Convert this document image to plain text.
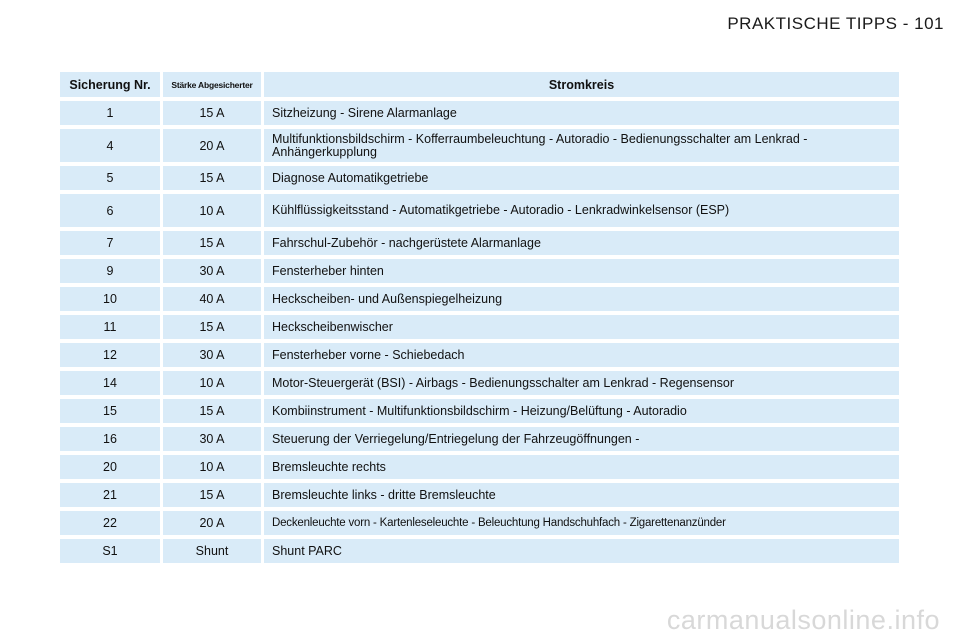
PRAKTISCHE TIPPS - 101
Sicherung Nr.	Stärke Abgesicherter	Stromkreis
1	15 A	Sitzheizung - Sirene Alarmanlage
4	20 A	Multifunktionsbildschirm - Kofferraumbeleuchtung - Autoradio - Bedienungsschalter am Lenkrad - Anhängerkupplung
5	15 A	Diagnose Automatikgetriebe
6	10 A	Kühlflüssigkeitsstand - Automatikgetriebe - Autoradio - Lenkradwinkelsensor (ESP)
7	15 A	Fahrschul-Zubehör - nachgerüstete Alarmanlage
9	30 A	Fensterheber hinten
10	40 A	Heckscheiben- und Außenspiegelheizung
11	15 A	Heckscheibenwischer
12	30 A	Fensterheber vorne - Schiebedach
14	10 A	Motor-Steuergerät (BSI) - Airbags - Bedienungsschalter am Lenkrad - Regensensor
15	15 A	Kombiinstrument - Multifunktionsbildschirm - Heizung/Belüftung - Autoradio
16	30 A	Steuerung der Verriegelung/Entriegelung der Fahrzeugöffnungen -
20	10 A	Bremsleuchte rechts
21	15 A	Bremsleuchte links - dritte Bremsleuchte
22	20 A	Deckenleuchte vorn - Kartenleseleuchte - Beleuchtung Handschuhfach - Zigarettenanzünder
S1	Shunt	Shunt PARC
carmanualsonline.info
